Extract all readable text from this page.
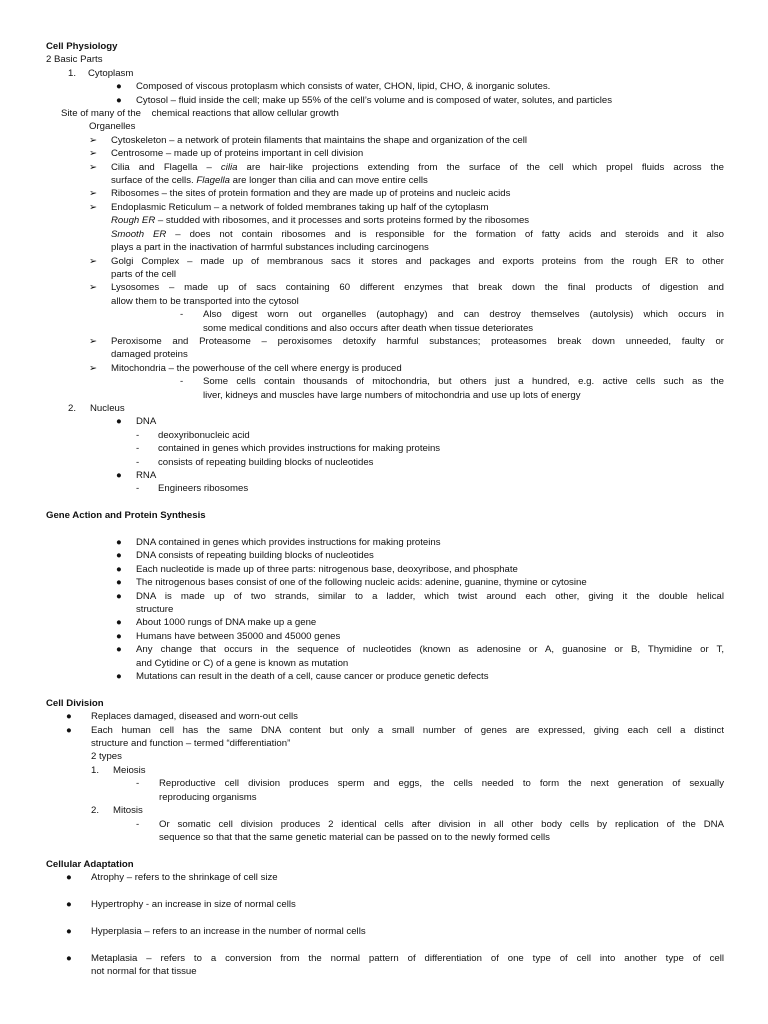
Cell Physiology
2 Basic Parts
1. Cytoplasm
● Composed of viscous protoplasm which consists of water, CHON, lipid, CHO, & inorganic solutes.
● Cytosol – fluid inside the cell; make up 55% of the cell’s volume and is composed of water, solutes, and particles
Site of many of the chemical reactions that allow cellular growth
Organelles
➢ Cytoskeleton – a network of protein filaments that maintains the shape and organization of the cell
➢ Centrosome – made up of proteins important in cell division
➢ Cilia and Flagella – cilia are hair-like projections extending from the surface of the cell which propel fluids across the
surface of the cells. Flagella are longer than cilia and can move entire cells
➢ Ribosomes – the sites of protein formation and they are made up of proteins and nucleic acids
➢ Endoplasmic Reticulum – a network of folded membranes taking up half of the cytoplasm
Rough ER – studded with ribosomes, and it processes and sorts proteins formed by the ribosomes
Smooth ER – does not contain ribosomes and is responsible for the formation of fatty acids and steroids and it also
plays a part in the inactivation of harmful substances including carcinogens
➢ Golgi Complex – made up of membranous sacs it stores and packages and exports proteins from the rough ER to other
parts of the cell
➢ Lysosomes – made up of sacs containing 60 different enzymes that break down the final products of digestion and
allow them to be transported into the cytosol
- Also digest worn out organelles (autophagy) and can destroy themselves (autolysis) which occurs in
some medical conditions and also occurs after death when tissue deteriorates
➢ Peroxisome and Proteasome – peroxisomes detoxify harmful substances; proteasomes break down unneeded, faulty or
damaged proteins
➢ Mitochondria – the powerhouse of the cell where energy is produced
- Some cells contain thousands of mitochondria, but others just a hundred, e.g. active cells such as the
liver, kidneys and muscles have large numbers of mitochondria and use up lots of energy
2. Nucleus
● DNA
- deoxyribonucleic acid
- contained in genes which provides instructions for making proteins
- consists of repeating building blocks of nucleotides
● RNA
- Engineers ribosomes
Gene Action and Protein Synthesis
● DNA contained in genes which provides instructions for making proteins
● DNA consists of repeating building blocks of nucleotides
● Each nucleotide is made up of three parts: nitrogenous base, deoxyribose, and phosphate
● The nitrogenous bases consist of one of the following nucleic acids: adenine, guanine, thymine or cytosine
● DNA is made up of two strands, similar to a ladder, which twist around each other, giving it the double helical
structure
● About 1000 rungs of DNA make up a gene
● Humans have between 35000 and 45000 genes
● Any change that occurs in the sequence of nucleotides (known as adenosine or A, guanosine or B, Thymidine or T,
and Cytidine or C) of a gene is known as mutation
● Mutations can result in the death of a cell, cause cancer or produce genetic defects
Cell Division
● Replaces damaged, diseased and worn-out cells
● Each human cell has the same DNA content but only a small number of genes are expressed, giving each cell a distinct
structure and function – termed “differentiation”
2 types
1. Meiosis
- Reproductive cell division produces sperm and eggs, the cells needed to form the next generation of sexually
reproducing organisms
2. Mitosis
- Or somatic cell division produces 2 identical cells after division in all other body cells by replication of the DNA
sequence so that that the same genetic material can be passed on to the newly formed cells
Cellular Adaptation
● Atrophy – refers to the shrinkage of cell size
● Hypertrophy - an increase in size of normal cells
● Hyperplasia – refers to an increase in the number of normal cells
● Metaplasia – refers to a conversion from the normal pattern of differentiation of one type of cell into another type of cell
not normal for that tissue
